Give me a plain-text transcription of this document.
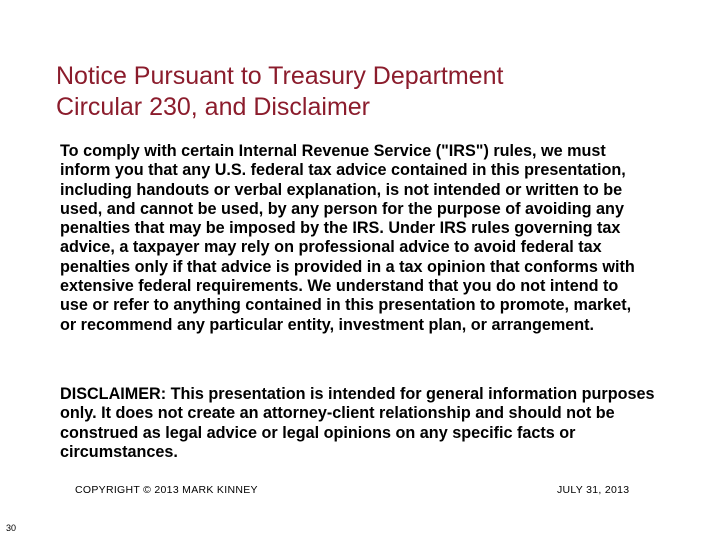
Notice Pursuant to Treasury Department
Circular 230, and Disclaimer

To comply with certain Internal Revenue Service ("IRS") rules, we must inform you that any U.S. federal tax advice contained in this presentation, including handouts or verbal explanation, is not intended or written to be used, and cannot be used, by any person for the purpose of avoiding any penalties that may be imposed by the IRS. Under IRS rules governing tax advice, a taxpayer may rely on professional advice to avoid federal tax penalties only if that advice is provided in a tax opinion that conforms with extensive federal requirements. We understand that you do not intend to use or refer to anything contained in this presentation to promote, market, or recommend any particular entity, investment plan, or arrangement.

DISCLAIMER: This presentation is intended for general information purposes only. It does not create an attorney-client relationship and should not be construed as legal advice or legal opinions on any specific facts or circumstances.

COPYRIGHT © 2013 MARK KINNEY	JULY 31, 2013
30
